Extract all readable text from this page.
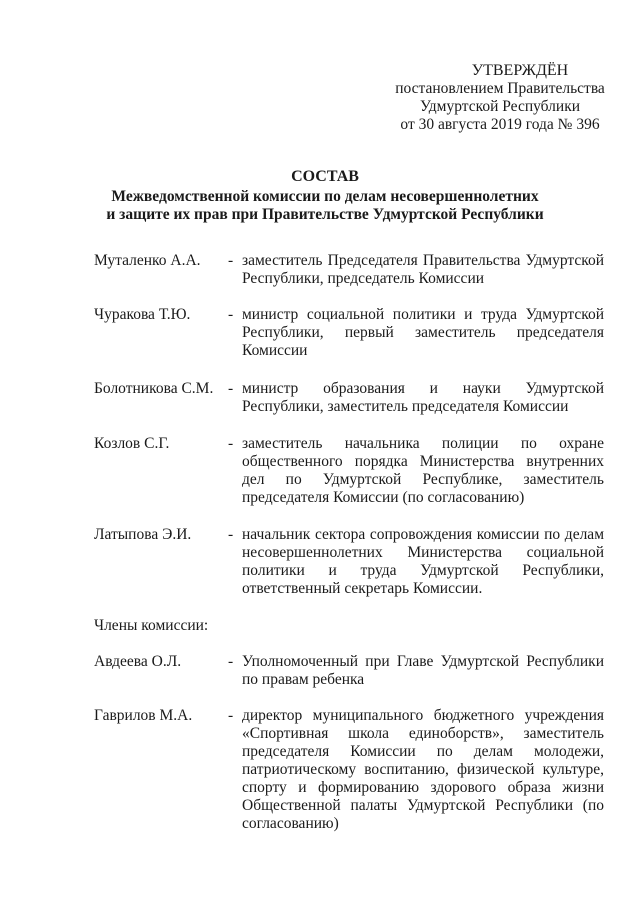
УТВЕРЖДЁН
постановлением Правительства
Удмуртской Республики
от 30 августа 2019 года № 396
СОСТАВ
Межведомственной комиссии по делам несовершеннолетних
и защите их прав при Правительстве Удмуртской Республики
Муталенко А.А.	- заместитель Председателя Правительства Удмуртской Республики, председатель Комиссии
Чуракова Т.Ю.	- министр социальной политики и труда Удмуртской Республики, первый заместитель председателя Комиссии
Болотникова С.М. - министр образования и науки Удмуртской Республики, заместитель председателя Комиссии
Козлов С.Г.	- заместитель начальника полиции по охране общественного порядка Министерства внутренних дел по Удмуртской Республике, заместитель председателя Комиссии (по согласованию)
Латыпова Э.И.	- начальник сектора сопровождения комиссии по делам несовершеннолетних Министерства социальной политики и труда Удмуртской Республики, ответственный секретарь Комиссии.
Члены комиссии:
Авдеева О.Л.	- Уполномоченный при Главе Удмуртской Республики по правам ребенка
Гаврилов М.А.	- директор муниципального бюджетного учреждения «Спортивная школа единоборств», заместитель председателя Комиссии по делам молодежи, патриотическому воспитанию, физической культуре, спорту и формированию здорового образа жизни Общественной палаты Удмуртской Республики (по согласованию)
